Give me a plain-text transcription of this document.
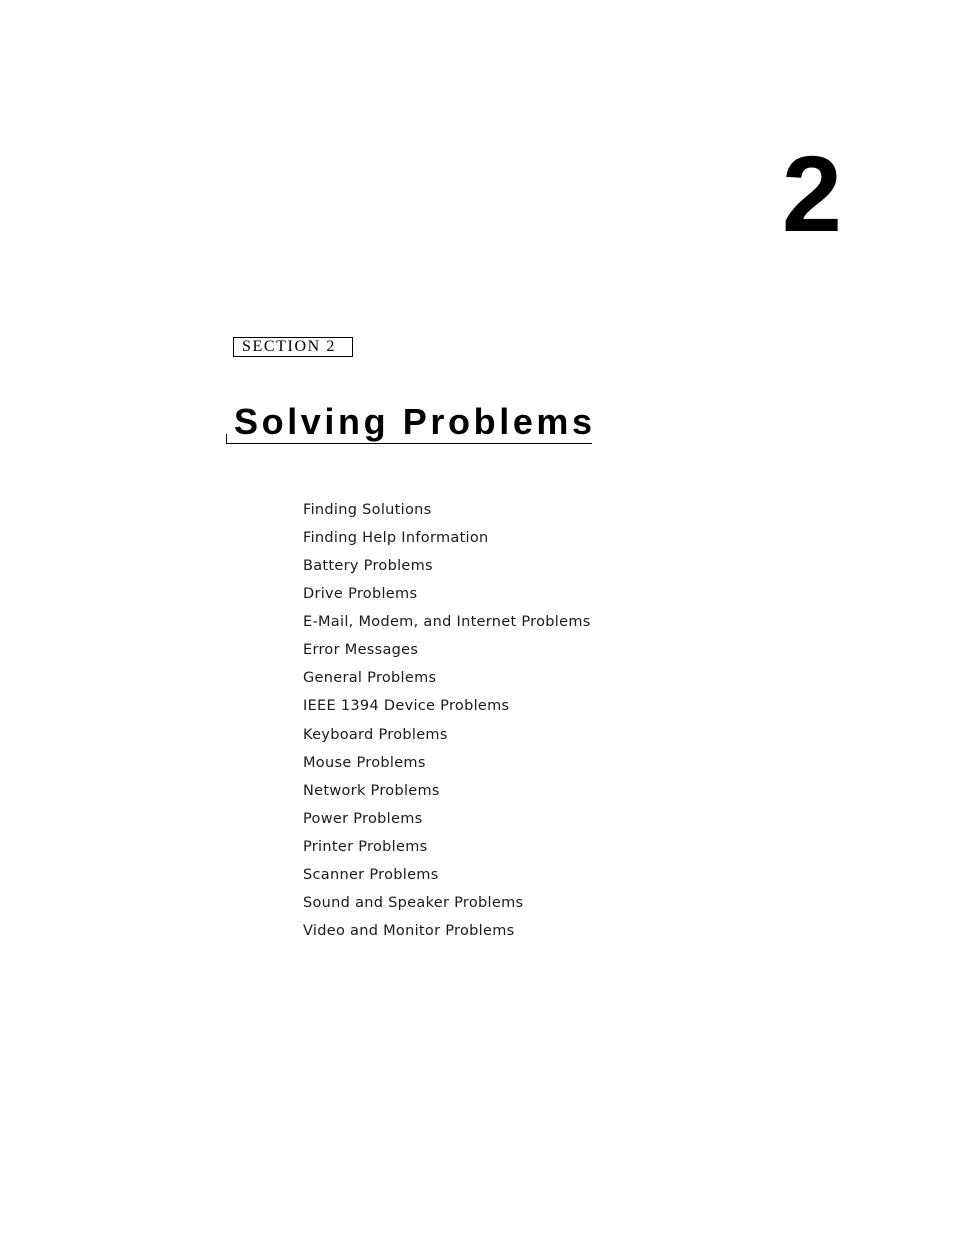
2
SECTION 2
Solving Problems
Finding Solutions
Finding Help Information
Battery Problems
Drive Problems
E-Mail, Modem, and Internet Problems
Error Messages
General Problems
IEEE 1394 Device Problems
Keyboard Problems
Mouse Problems
Network Problems
Power Problems
Printer Problems
Scanner Problems
Sound and Speaker Problems
Video and Monitor Problems
